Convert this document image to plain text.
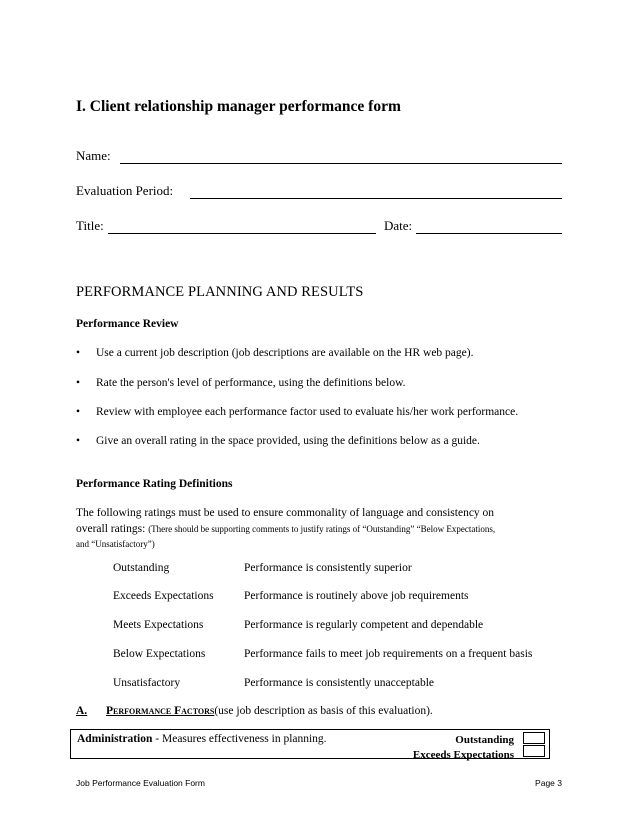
I. Client relationship manager performance form
Name:
Evaluation Period:
Title:	Date:
PERFORMANCE PLANNING AND RESULTS
Performance Review
• Use a current job description (job descriptions are available on the HR web page).
• Rate the person's level of performance, using the definitions below.
• Review with employee each performance factor used to evaluate his/her work performance.
• Give an overall rating in the space provided, using the definitions below as a guide.
Performance Rating Definitions
The following ratings must be used to ensure commonality of language and consistency on
overall ratings: (There should be supporting comments to justify ratings of “Outstanding” “Below Expectations,
and “Unsatisfactory”)
Outstanding	Performance is consistently superior
Exceeds Expectations	Performance is routinely above job requirements
Meets Expectations	Performance is regularly competent and dependable
Below Expectations	Performance fails to meet job requirements on a frequent basis
Unsatisfactory	Performance is consistently unacceptable
A. Performance Factors(use job description as basis of this evaluation).
Administration - Measures effectiveness in planning.	Outstanding
Exceeds Expectations
Job Performance Evaluation Form	Page 3
